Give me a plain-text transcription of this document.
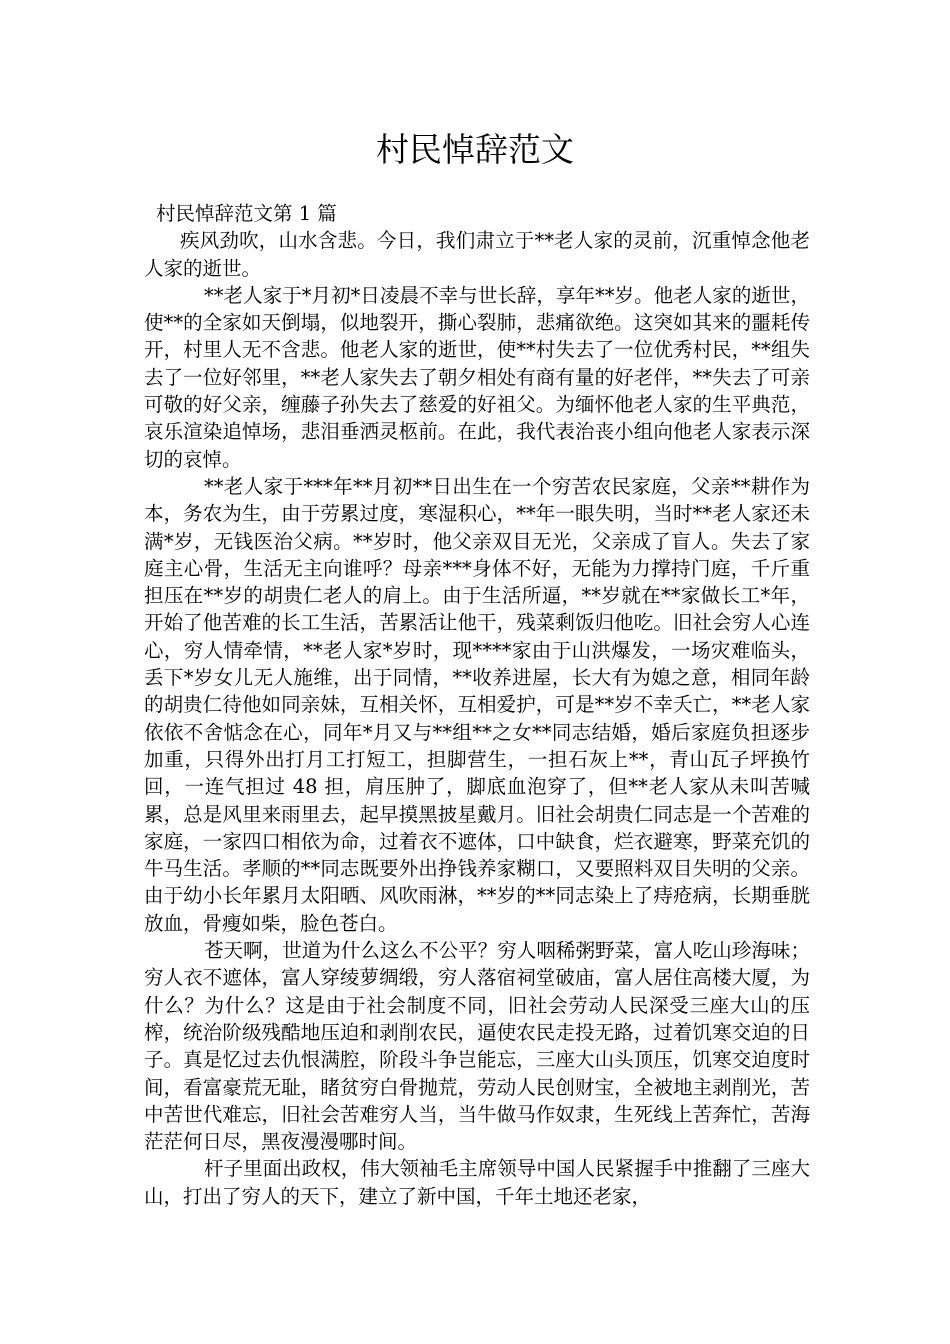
村民悼辞范文

村民悼辞范文第 1 篇

疾风劲吹，山水含悲。今日，我们肃立于**老人家的灵前，沉重悼念他老人家的逝世。

**老人家于*月初*日凌晨不幸与世长辞，享年**岁。他老人家的逝世，使**的全家如天倒塌，似地裂开，撕心裂肺，悲痛欲绝。这突如其来的噩耗传开，村里人无不含悲。他老人家的逝世，使**村失去了一位优秀村民，**组失去了一位好邻里，**老人家失去了朝夕相处有商有量的好老伴，**失去了可亲可敬的好父亲，缠藤子孙失去了慈爱的好祖父。为缅怀他老人家的生平典范，哀乐渲染追悼场，悲泪垂洒灵柩前。在此，我代表治丧小组向他老人家表示深切的哀悼。

**老人家于***年**月初**日出生在一个穷苦农民家庭，父亲**耕作为本，务农为生，由于劳累过度，寒湿积心，**年一眼失明，当时**老人家还未满*岁，无钱医治父病。**岁时，他父亲双目无光，父亲成了盲人。失去了家庭主心骨，生活无主向谁呼？母亲***身体不好，无能为力撑持门庭，千斤重担压在**岁的胡贵仁老人的肩上。由于生活所逼，**岁就在**家做长工*年，开始了他苦难的长工生活，苦累活让他干，残菜剩饭归他吃。旧社会穷人心连心，穷人情牵情，**老人家*岁时，现****家由于山洪爆发，一场灾难临头，丢下*岁女儿无人施维，出于同情，**收养进屋，长大有为媳之意，相同年龄的胡贵仁待他如同亲妹，互相关怀，互相爱护，可是**岁不幸夭亡，**老人家依依不舍惦念在心，同年*月又与**组**之女**同志结婚，婚后家庭负担逐步加重，只得外出打月工打短工，担脚营生，一担石灰上**，青山瓦子坪换竹回，一连气担过 48 担，肩压肿了，脚底血泡穿了，但**老人家从未叫苦喊累，总是风里来雨里去，起早摸黑披星戴月。旧社会胡贵仁同志是一个苦难的家庭，一家四口相依为命，过着衣不遮体，口中缺食，烂衣避寒，野菜充饥的牛马生活。孝顺的**同志既要外出挣钱养家糊口，又要照料双目失明的父亲。由于幼小长年累月太阳晒、风吹雨淋，**岁的**同志染上了痔疮病，长期垂胱放血，骨瘦如柴，脸色苍白。

苍天啊，世道为什么这么不公平？穷人咽稀粥野菜，富人吃山珍海味；穷人衣不遮体，富人穿绫萝绸缎，穷人落宿祠堂破庙，富人居住高楼大厦，为什么？为什么？这是由于社会制度不同，旧社会劳动人民深受三座大山的压榨，统治阶级残酷地压迫和剥削农民，逼使农民走投无路，过着饥寒交迫的日子。真是忆过去仇恨满腔，阶段斗争岂能忘，三座大山头顶压，饥寒交迫度时间，看富豪荒无耻，睹贫穷白骨抛荒，劳动人民创财宝，全被地主剥削光，苦中苦世代难忘，旧社会苦难穷人当，当牛做马作奴隶，生死线上苦奔忙，苦海茫茫何日尽，黑夜漫漫哪时间。

杆子里面出政权，伟大领袖毛主席领导中国人民紧握手中推翻了三座大山，打出了穷人的天下，建立了新中国，千年土地还老家，
